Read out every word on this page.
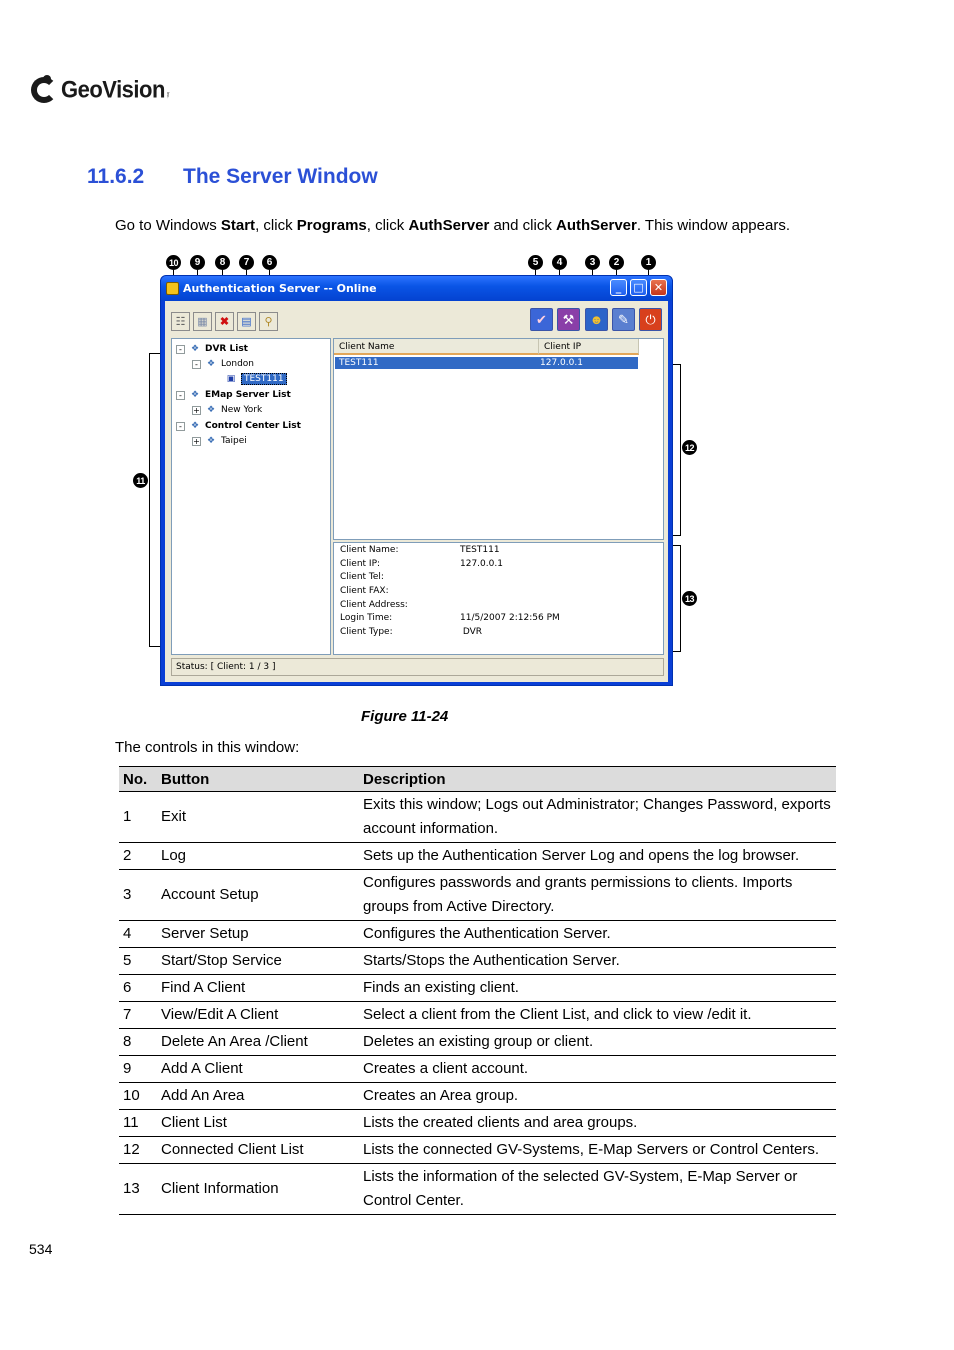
GeoVision Inc.
11.6.2 The Server Window
Go to Windows Start, click Programs, click AuthServer and click AuthServer. This window appears.
10	9	8	7	6	5	4	3	2	1
11
12
13
Authentication Server -- Online	_	□ ✕
☷ ▦ ✖ ▤ ⚲	✔ ⚒ ☻ ✎ ⏻
-	❖ DVR List
-	❖ London
▣ TEST111
-	❖ EMap Server List
+ ❖ New York
-	❖ Control Center List
+ ❖ Taipei
Client Name	Client IP
TEST111	127.0.0.1
Client Name:	TEST111
Client IP:	127.0.0.1
Client Tel:
Client FAX:
Client Address:
Login Time:	11/5/2007 2:12:56 PM
Client Type:	DVR
Status: [ Client: 1 / 3 ]
Figure 11-24
The controls in this window:
No.	Button	Description
1	Exit	Exits this window; Logs out Administrator; Changes Password, exports account information.
2	Log	Sets up the Authentication Server Log and opens the log browser.
3	Account Setup	Configures passwords and grants permissions to clients. Imports groups from Active Directory.
4	Server Setup	Configures the Authentication Server.
5	Start/Stop Service	Starts/Stops the Authentication Server.
6	Find A Client	Finds an existing client.
7	View/Edit A Client	Select a client from the Client List, and click to view /edit it.
8	Delete An Area /Client	Deletes an existing group or client.
9	Add A Client	Creates a client account.
10	Add An Area	Creates an Area group.
11	Client List	Lists the created clients and area groups.
12	Connected Client List	Lists the connected GV-Systems, E-Map Servers or Control Centers.
13	Client Information	Lists the information of the selected GV-System, E-Map Server or Control Center.
534
